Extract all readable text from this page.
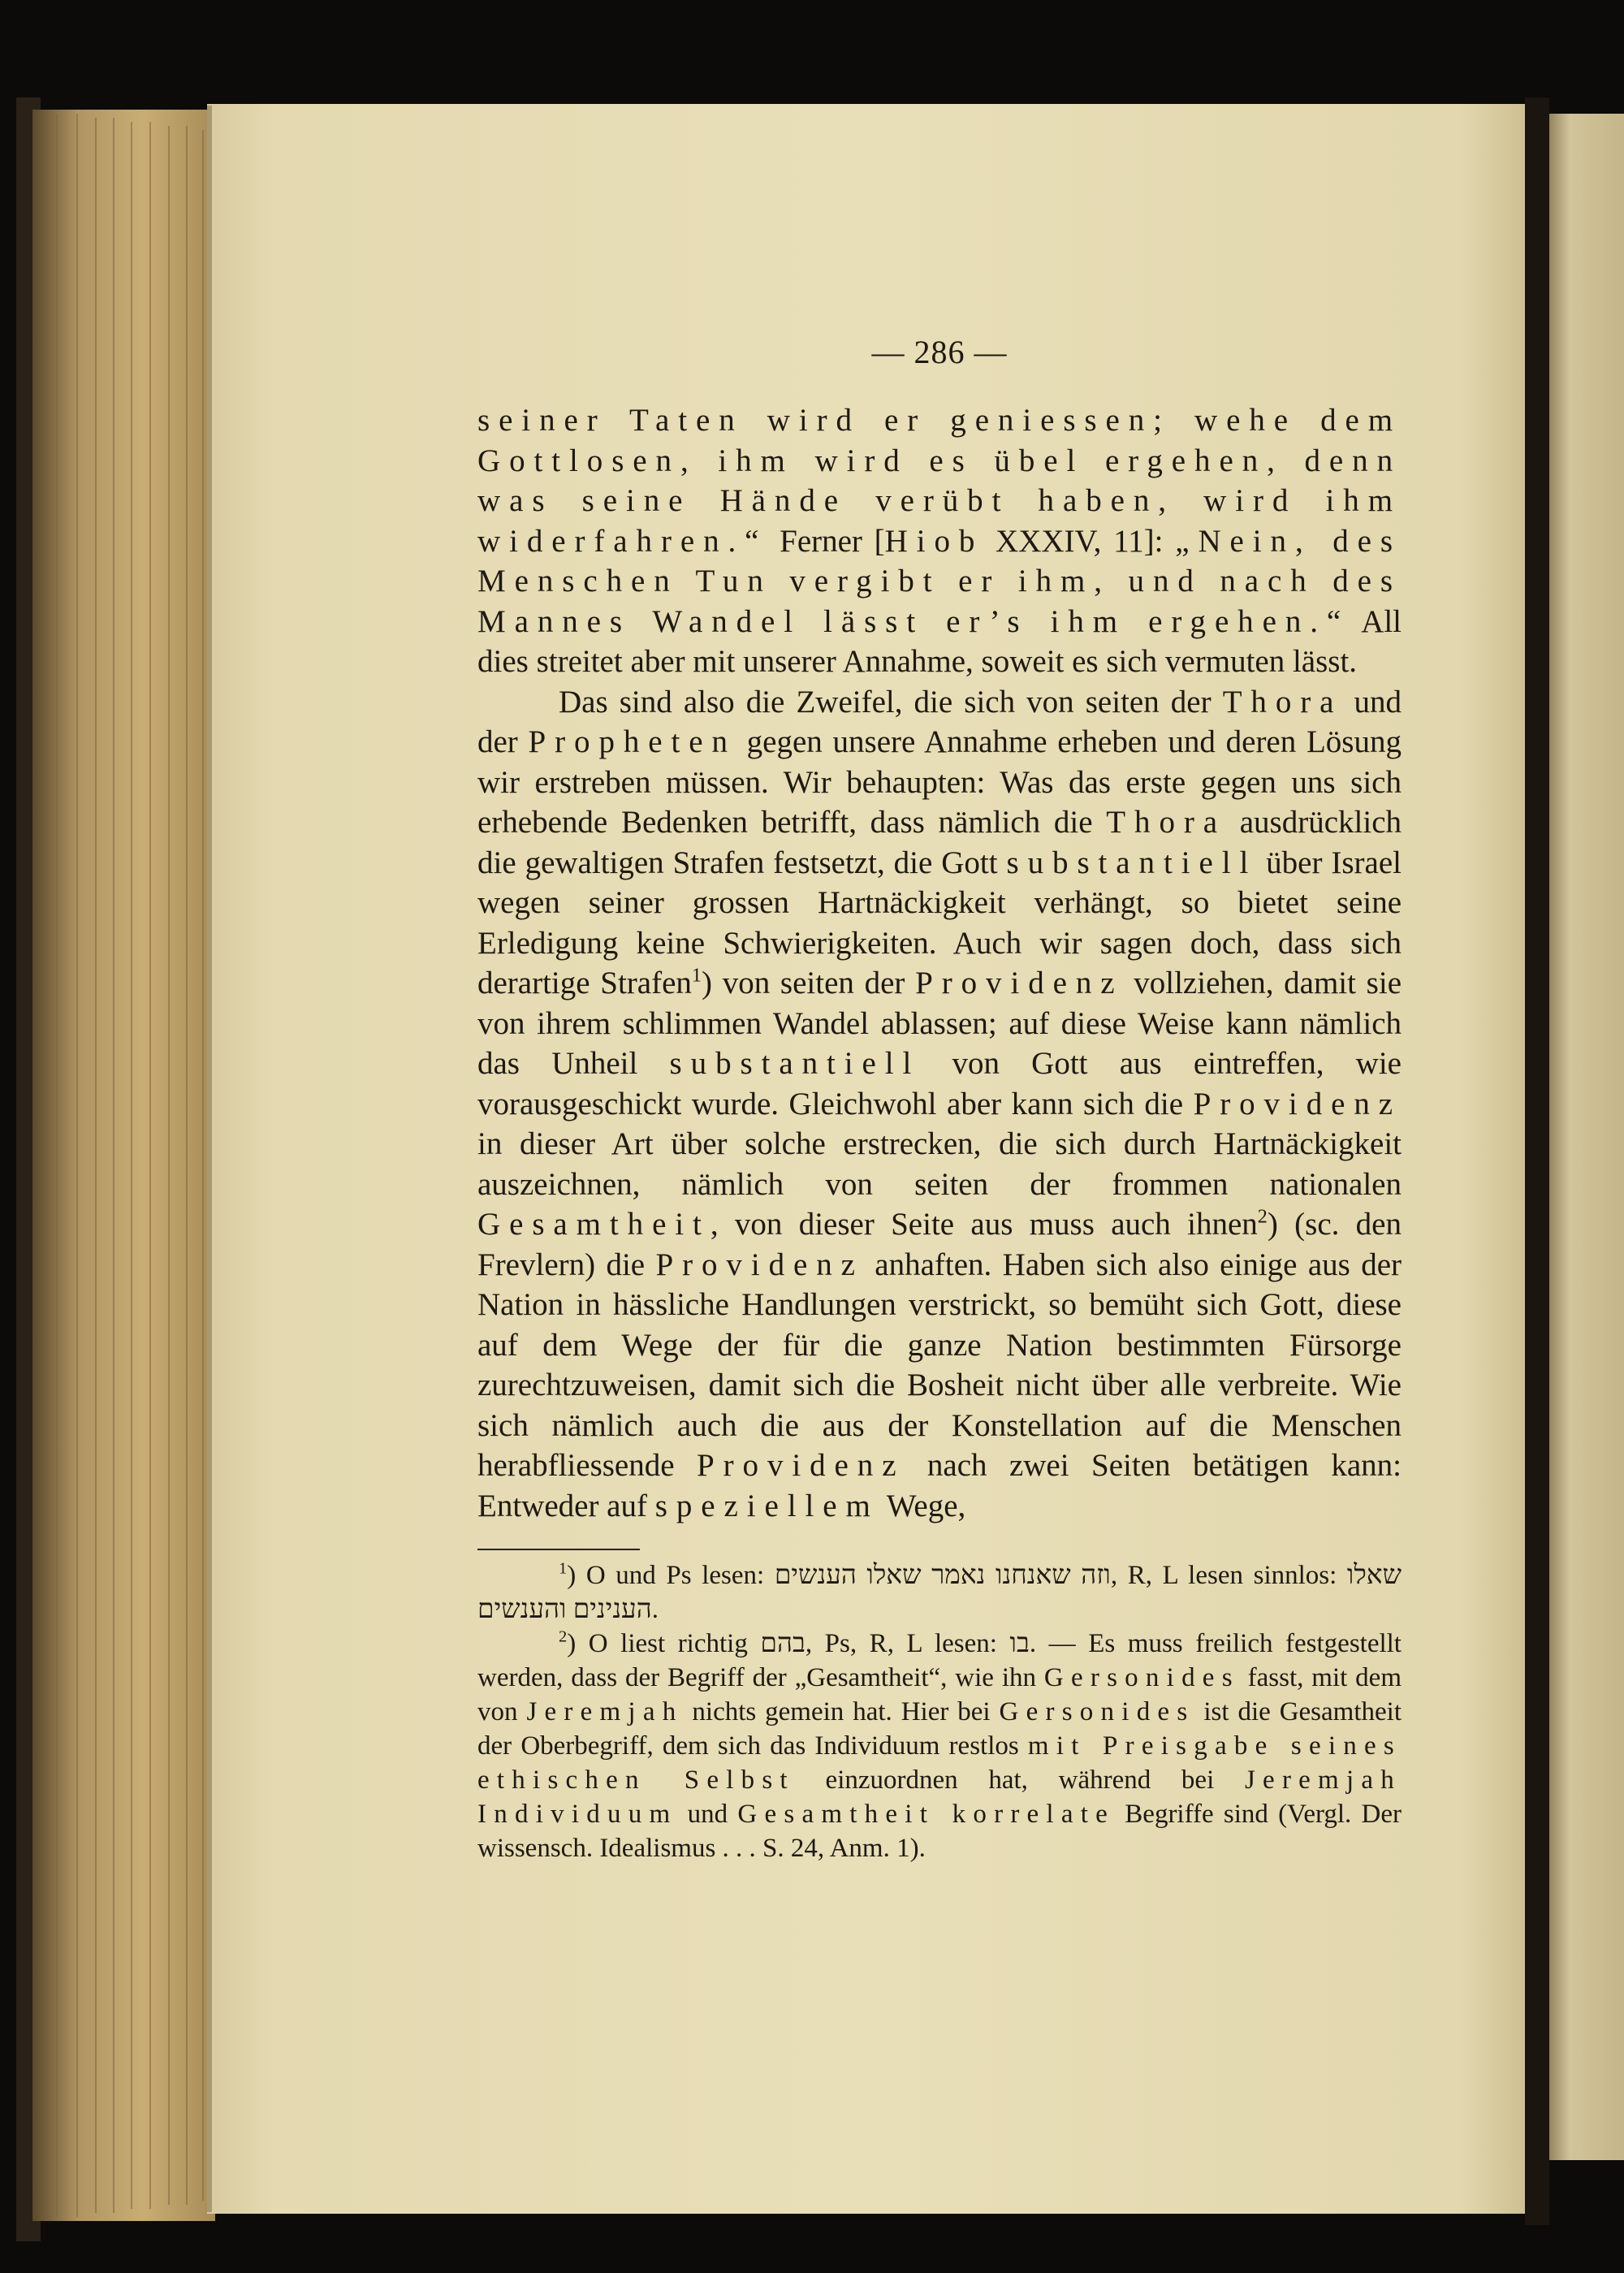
— 286 —

seiner Taten wird er geniessen; wehe dem Gottlosen, ihm wird es übel ergehen, denn was seine Hände verübt haben, wird ihm widerfahren.“ Ferner [Hiob XXXIV, 11]: „Nein, des Menschen Tun vergibt er ihm, und nach des Mannes Wandel lässt er’s ihm ergehen.“ All dies streitet aber mit unserer Annahme, soweit es sich vermuten lässt.

Das sind also die Zweifel, die sich von seiten der Thora und der Propheten gegen unsere Annahme erheben und deren Lösung wir erstreben müssen. Wir behaupten: Was das erste gegen uns sich erhebende Bedenken betrifft, dass nämlich die Thora ausdrücklich die gewaltigen Strafen festsetzt, die Gott substantiell über Israel wegen seiner grossen Hartnäckigkeit verhängt, so bietet seine Erledigung keine Schwierigkeiten. Auch wir sagen doch, dass sich derartige Strafen$^1$) von seiten der Providenz vollziehen, damit sie von ihrem schlimmen Wandel ablassen; auf diese Weise kann nämlich das Unheil substantiell von Gott aus eintreffen, wie vorausgeschickt wurde. Gleichwohl aber kann sich die Providenz in dieser Art über solche erstrecken, die sich durch Hartnäckigkeit auszeichnen, nämlich von seiten der frommen nationalen Gesamtheit, von dieser Seite aus muss auch ihnen$^2$) (sc. den Frevlern) die Providenz anhaften. Haben sich also einige aus der Nation in hässliche Handlungen verstrickt, so bemüht sich Gott, diese auf dem Wege der für die ganze Nation bestimmten Fürsorge zurechtzuweisen, damit sich die Bosheit nicht über alle verbreite. Wie sich nämlich auch die aus der Konstellation auf die Menschen herabfliessende Providenz nach zwei Seiten betätigen kann: Entweder auf speziellem Wege,

$^1$) O und Ps lesen: וזה שאנחנו נאמר שאלו הענשים, R, L lesen sinnlos: שאלו הענינים והענשים.

$^2$) O liest richtig בהם, Ps, R, L lesen: בו. — Es muss freilich festgestellt werden, dass der Begriff der „Gesamtheit“, wie ihn Gersonides fasst, mit dem von Jeremjah nichts gemein hat. Hier bei Gersonides ist die Gesamtheit der Oberbegriff, dem sich das Individuum restlos mit Preisgabe seines ethischen Selbst einzuordnen hat, während bei Jeremjah Individuum und Gesamtheit korrelate Begriffe sind (Vergl. Der wissensch. Idealismus . . . S. 24, Anm. 1).
